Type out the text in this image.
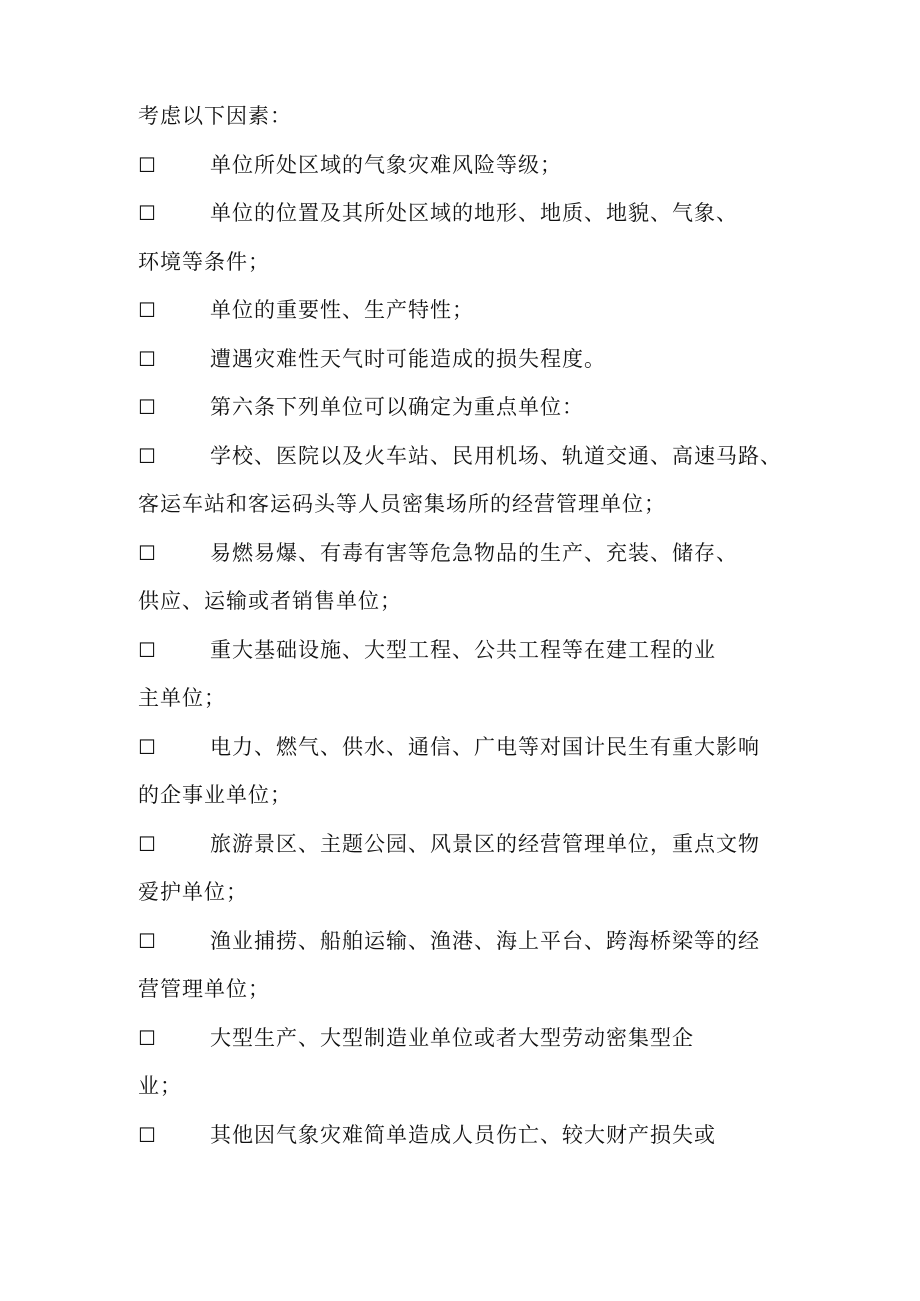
考虑以下因素：
☐	单位所处区域的气象灾难风险等级；
☐	单位的位置及其所处区域的地形、地质、地貌、气象、
环境等条件；
☐	单位的重要性、生产特性；
☐	遭遇灾难性天气时可能造成的损失程度。
☐	第六条下列单位可以确定为重点单位：
☐	学校、医院以及火车站、民用机场、轨道交通、高速马路、
客运车站和客运码头等人员密集场所的经营管理单位；
☐	易燃易爆、有毒有害等危急物品的生产、充装、储存、
供应、运输或者销售单位；
☐	重大基础设施、大型工程、公共工程等在建工程的业
主单位；
☐	电力、燃气、供水、通信、广电等对国计民生有重大影响
的企事业单位；
☐	旅游景区、主题公园、风景区的经营管理单位，重点文物
爱护单位；
☐	渔业捕捞、船舶运输、渔港、海上平台、跨海桥梁等的经
营管理单位；
☐	大型生产、大型制造业单位或者大型劳动密集型企
业；
☐	其他因气象灾难简单造成人员伤亡、较大财产损失或
